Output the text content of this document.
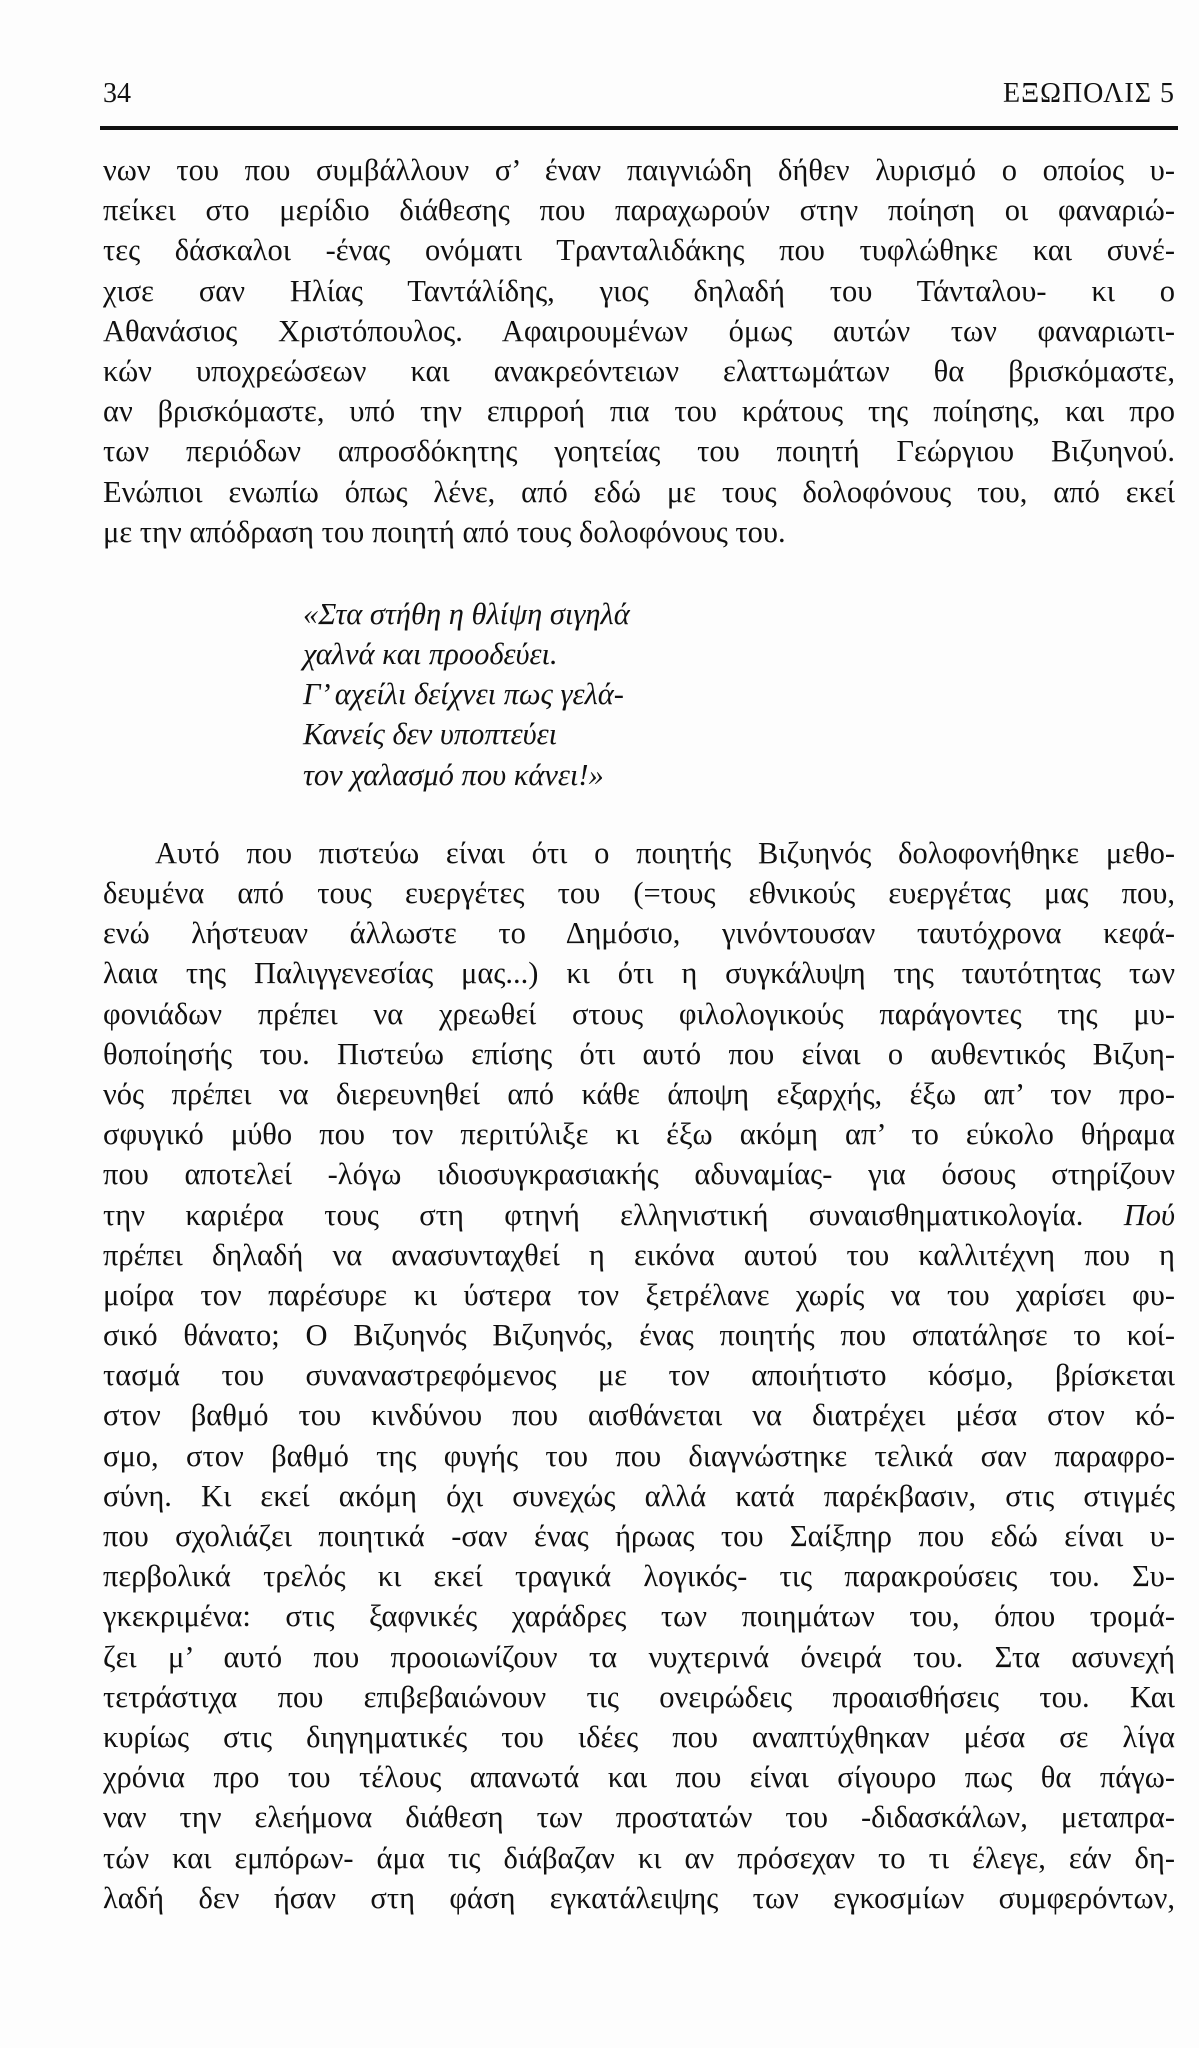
34	ΕΞΩΠΟΛΙΣ 5

νων του που συμβάλλουν σ’ έναν παιγνιώδη δήθεν λυρισμό ο οποίος υ-

πείκει στο μερίδιο διάθεσης που παραχωρούν στην ποίηση οι φαναριώ-

τες δάσκαλοι -ένας ονόματι Τρανταλιδάκης που τυφλώθηκε και συνέ-

χισε σαν Ηλίας Ταντάλίδης, γιος δηλαδή του Τάνταλου- κι ο

Αθανάσιος Χριστόπουλος. Αφαιρουμένων όμως αυτών των φαναριωτι-

κών υποχρεώσεων και ανακρεόντειων ελαττωμάτων θα βρισκόμαστε,

αν βρισκόμαστε, υπό την επιρροή πια του κράτους της ποίησης, και προ

των περιόδων απροσδόκητης γοητείας του ποιητή Γεώργιου Βιζυηνού.

Ενώπιοι ενωπίω όπως λένε, από εδώ με τους δολοφόνους του, από εκεί

με την απόδραση του ποιητή από τους δολοφόνους του.

«Στα στήθη η θλίψη σιγηλά

χαλνά και προοδεύει.

Γ’ αχείλι δείχνει πως γελά-

Κανείς δεν υποπτεύει

τον χαλασμό που κάνει!»

Αυτό που πιστεύω είναι ότι ο ποιητής Βιζυηνός δολοφονήθηκε μεθο-

δευμένα από τους ευεργέτες του (=τους εθνικούς ευεργέτας μας που,

ενώ λήστευαν άλλωστε το Δημόσιο, γινόντουσαν ταυτόχρονα κεφά-

λαια της Παλιγγενεσίας μας...) κι ότι η συγκάλυψη της ταυτότητας των

φονιάδων πρέπει να χρεωθεί στους φιλολογικούς παράγοντες της μυ-

θοποίησής του. Πιστεύω επίσης ότι αυτό που είναι ο αυθεντικός Βιζυη-

νός πρέπει να διερευνηθεί από κάθε άποψη εξαρχής, έξω απ’ τον προ-

σφυγικό μύθο που τον περιτύλιξε κι έξω ακόμη απ’ το εύκολο θήραμα

που αποτελεί -λόγω ιδιοσυγκρασιακής αδυναμίας- για όσους στηρίζουν

την καριέρα τους στη φτηνή ελληνιστική συναισθηματικολογία. Πού

πρέπει δηλαδή να ανασυνταχθεί η εικόνα αυτού του καλλιτέχνη που η

μοίρα τον παρέσυρε κι ύστερα τον ξετρέλανε χωρίς να του χαρίσει φυ-

σικό θάνατο; Ο Βιζυηνός Βιζυηνός, ένας ποιητής που σπατάλησε το κοί-

τασμά του συναναστρεφόμενος με τον αποιήτιστο κόσμο, βρίσκεται

στον βαθμό του κινδύνου που αισθάνεται να διατρέχει μέσα στον κό-

σμο, στον βαθμό της φυγής του που διαγνώστηκε τελικά σαν παραφρο-

σύνη. Κι εκεί ακόμη όχι συνεχώς αλλά κατά παρέκβασιν, στις στιγμές

που σχολιάζει ποιητικά -σαν ένας ήρωας του Σαίξπηρ που εδώ είναι υ-

περβολικά τρελός κι εκεί τραγικά λογικός- τις παρακρούσεις του. Συ-

γκεκριμένα: στις ξαφνικές χαράδρες των ποιημάτων του, όπου τρομά-

ζει μ’ αυτό που προοιωνίζουν τα νυχτερινά όνειρά του. Στα ασυνεχή

τετράστιχα που επιβεβαιώνουν τις ονειρώδεις προαισθήσεις του. Και

κυρίως στις διηγηματικές του ιδέες που αναπτύχθηκαν μέσα σε λίγα

χρόνια προ του τέλους απανωτά και που είναι σίγουρο πως θα πάγω-

ναν την ελεήμονα διάθεση των προστατών του -διδασκάλων, μεταπρα-

τών και εμπόρων- άμα τις διάβαζαν κι αν πρόσεχαν το τι έλεγε, εάν δη-

λαδή δεν ήσαν στη φάση εγκατάλειψης των εγκοσμίων συμφερόντων,
